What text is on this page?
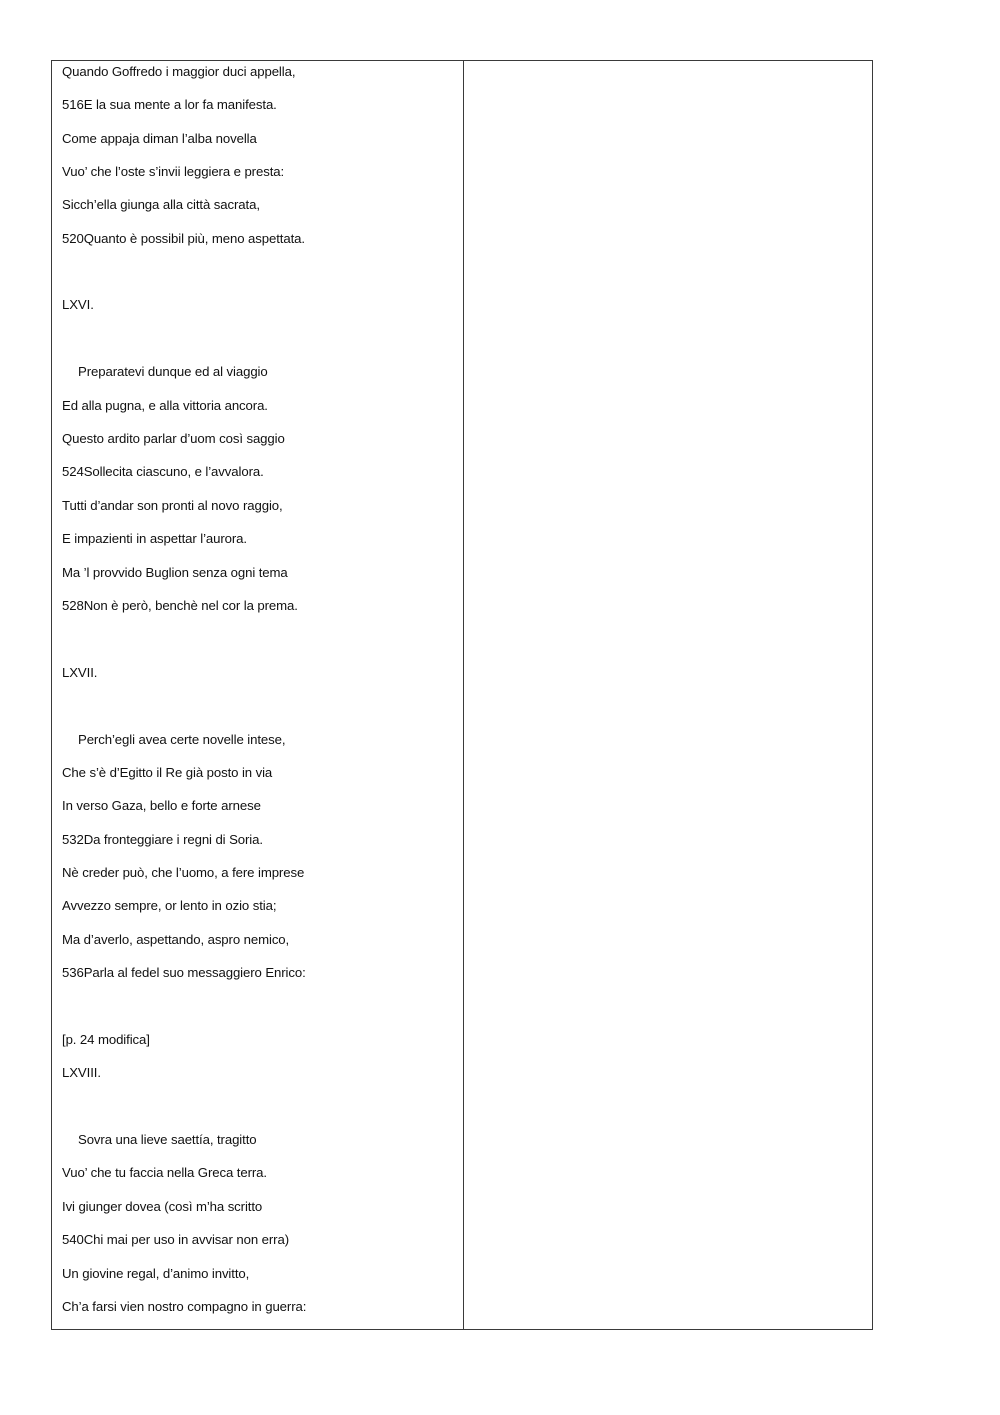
Quando Goffredo i maggior duci appella,
516E la sua mente a lor fa manifesta.
Come appaja diman l’alba novella
Vuo’ che l’oste s’invii leggiera e presta:
Sicch’ella giunga alla città sacrata,
520Quanto è possibil più, meno aspettata.
LXVI.
Preparatevi dunque ed al viaggio
Ed alla pugna, e alla vittoria ancora.
Questo ardito parlar d’uom così saggio
524Sollecita ciascuno, e l’avvalora.
Tutti d’andar son pronti al novo raggio,
E impazienti in aspettar l’aurora.
Ma ’l provvido Buglion senza ogni tema
528Non è però, benchè nel cor la prema.
LXVII.
Perch’egli avea certe novelle intese,
Che s’è d’Egitto il Re già posto in via
In verso Gaza, bello e forte arnese
532Da fronteggiare i regni di Soria.
Nè creder può, che l’uomo, a fere imprese
Avvezzo sempre, or lento in ozio stia;
Ma d’averlo, aspettando, aspro nemico,
536Parla al fedel suo messaggiero Enrico:
[p. 24 modifica]
LXVIII.
Sovra una lieve saettía, tragitto
Vuo’ che tu faccia nella Greca terra.
Ivi giunger dovea (così m’ha scritto
540Chi mai per uso in avvisar non erra)
Un giovine regal, d’animo invitto,
Ch’a farsi vien nostro compagno in guerra:
